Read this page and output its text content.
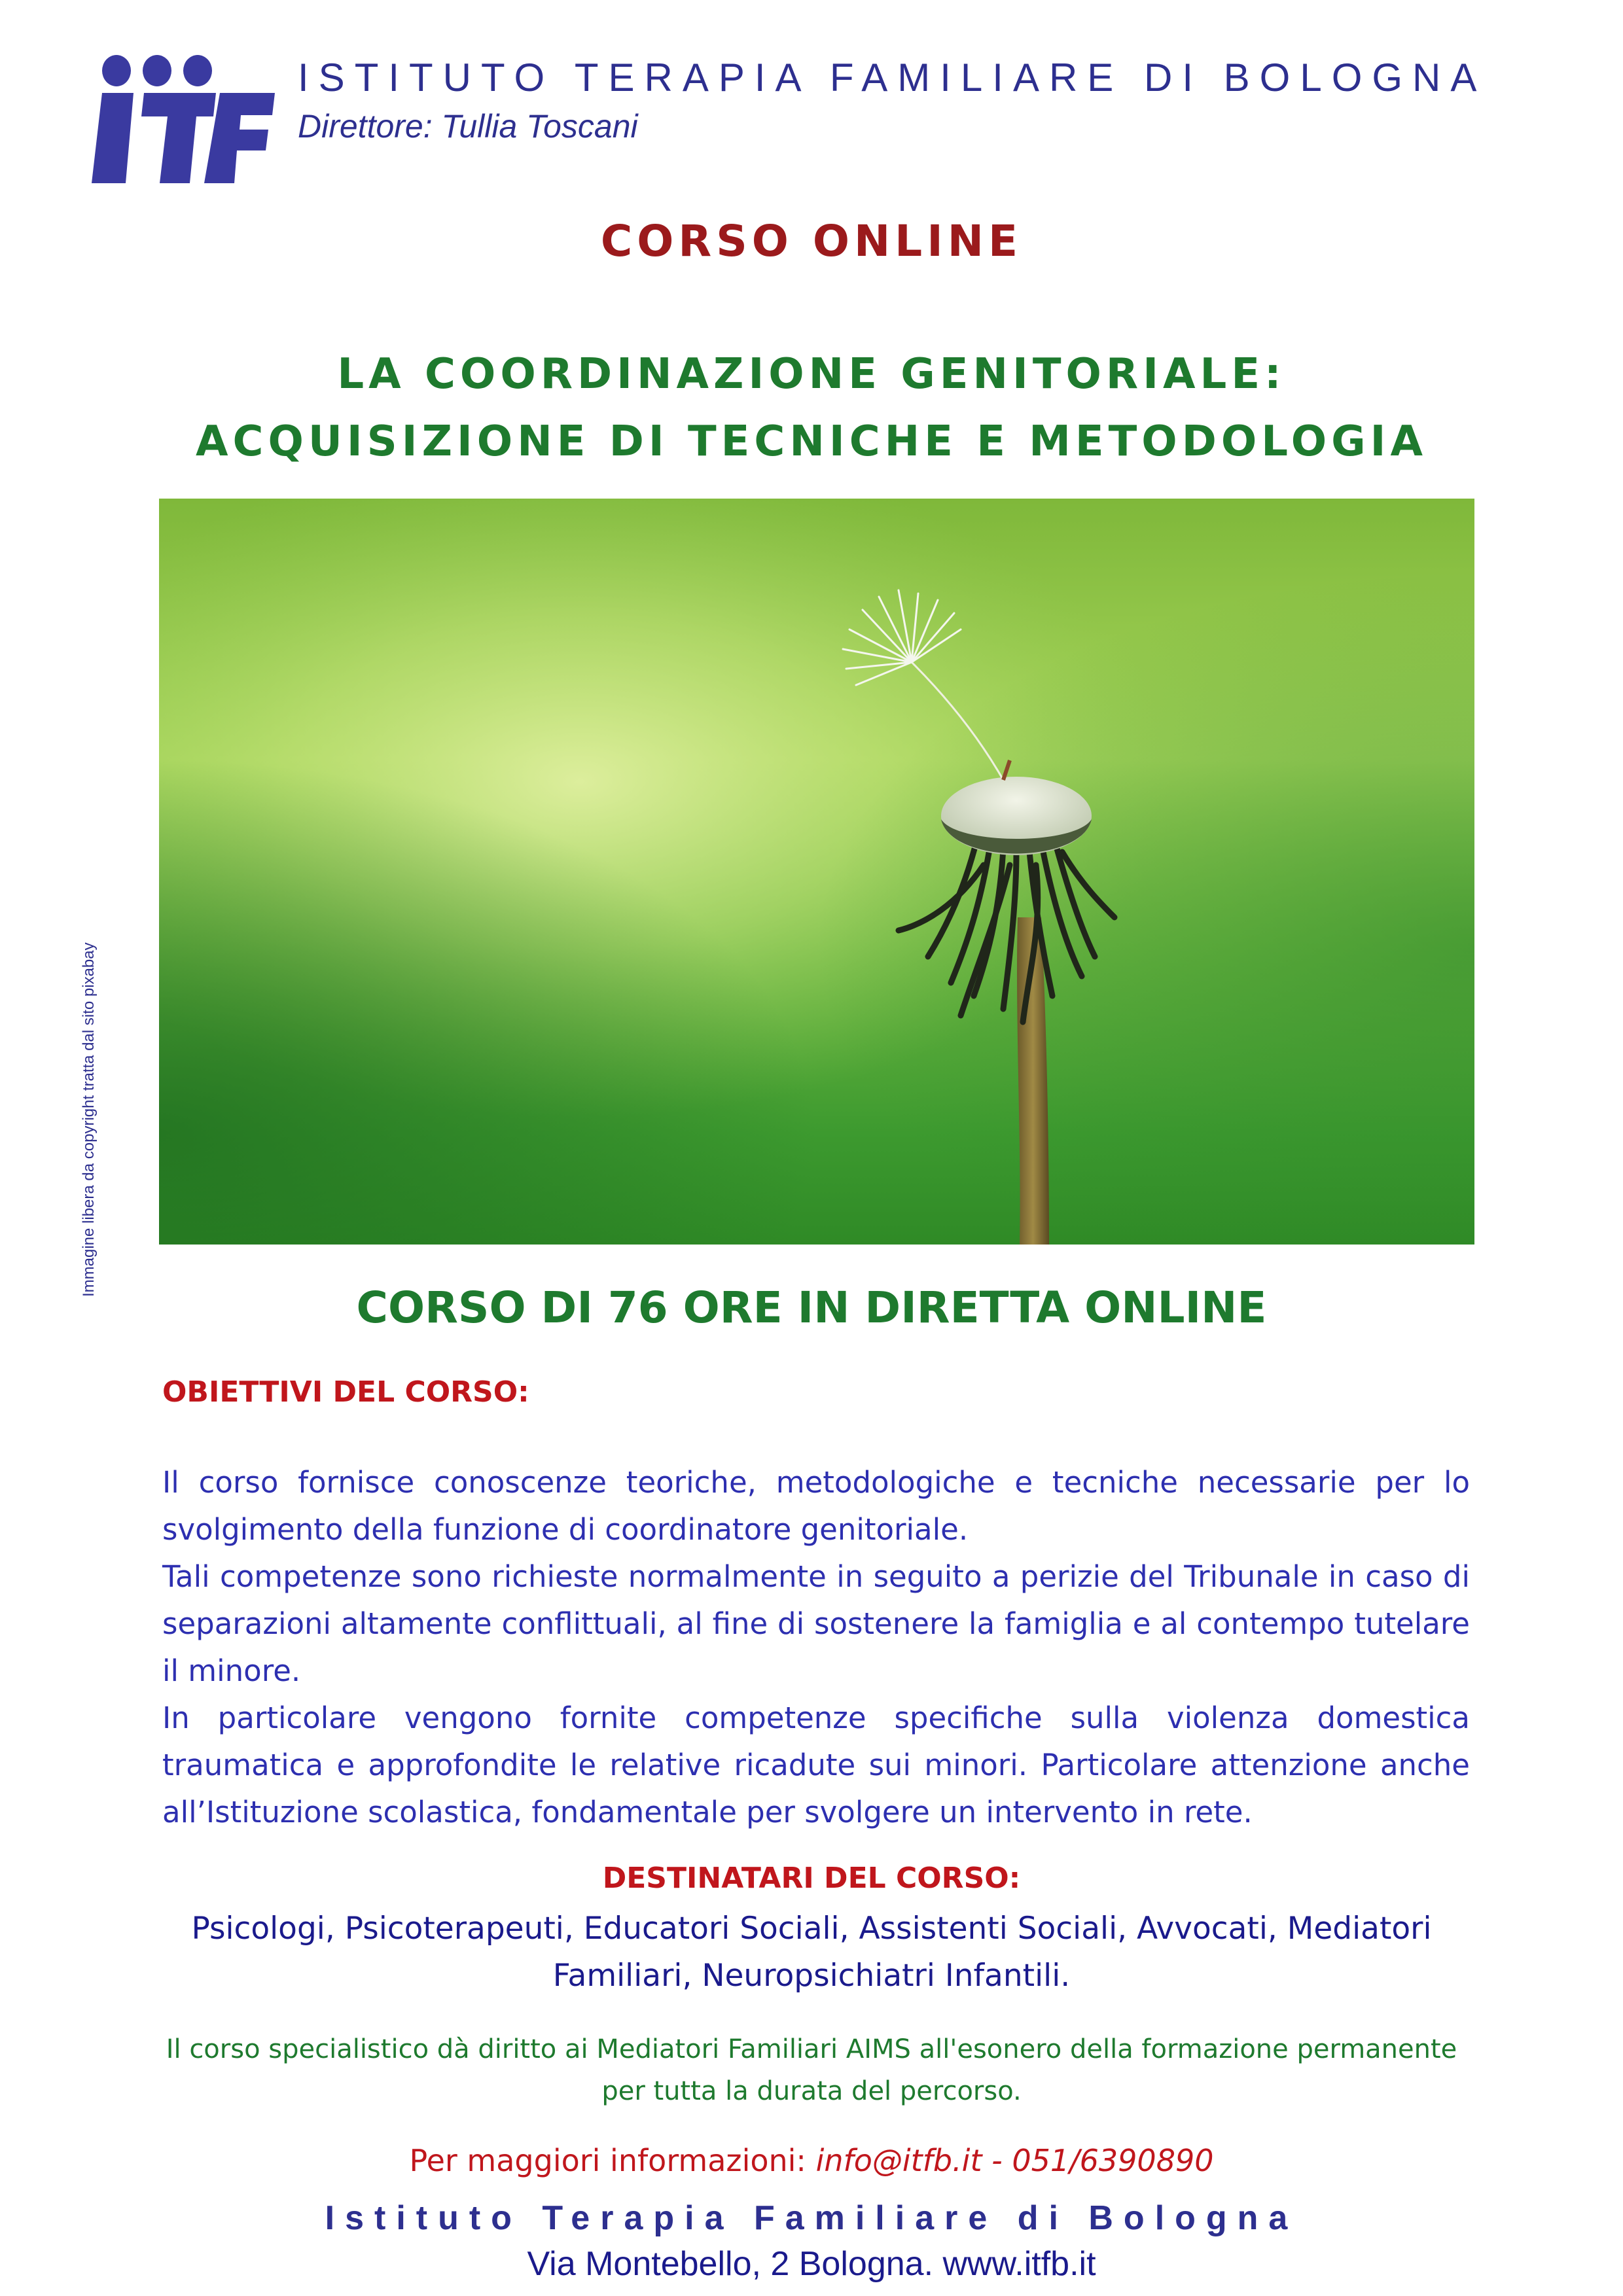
ISTITUTO TERAPIA FAMILIARE DI BOLOGNA
Direttore: Tullia Toscani
CORSO ONLINE
LA COORDINAZIONE GENITORIALE:
ACQUISIZIONE DI TECNICHE E METODOLOGIA
Immagine libera da copyright tratta dal sito pixabay
CORSO DI 76 ORE IN DIRETTA ONLINE
OBIETTIVI DEL CORSO:

Il corso fornisce conoscenze teoriche, metodologiche e tecniche necessarie per lo svolgimento della funzione di coordinatore genitoriale.

Tali competenze sono richieste normalmente in seguito a perizie del Tribunale in caso di separazioni altamente conflittuali, al fine di sostenere la famiglia e al contempo tutelare il minore.

In particolare vengono fornite competenze specifiche sulla violenza domestica traumatica e approfondite le relative ricadute sui minori. Particolare attenzione anche all’Istituzione scolastica, fondamentale per svolgere un intervento in rete.

DESTINATARI DEL CORSO:
Psicologi, Psicoterapeuti, Educatori Sociali, Assistenti Sociali, Avvocati, Mediatori Familiari, Neuropsichiatri Infantili.
Il corso specialistico dà diritto ai Mediatori Familiari AIMS all'esonero della formazione permanente per tutta la durata del percorso.
Per maggiori informazioni: info@itfb.it - 051/6390890
Istituto Terapia Familiare di Bologna
Via Montebello, 2 Bologna. www.itfb.it
